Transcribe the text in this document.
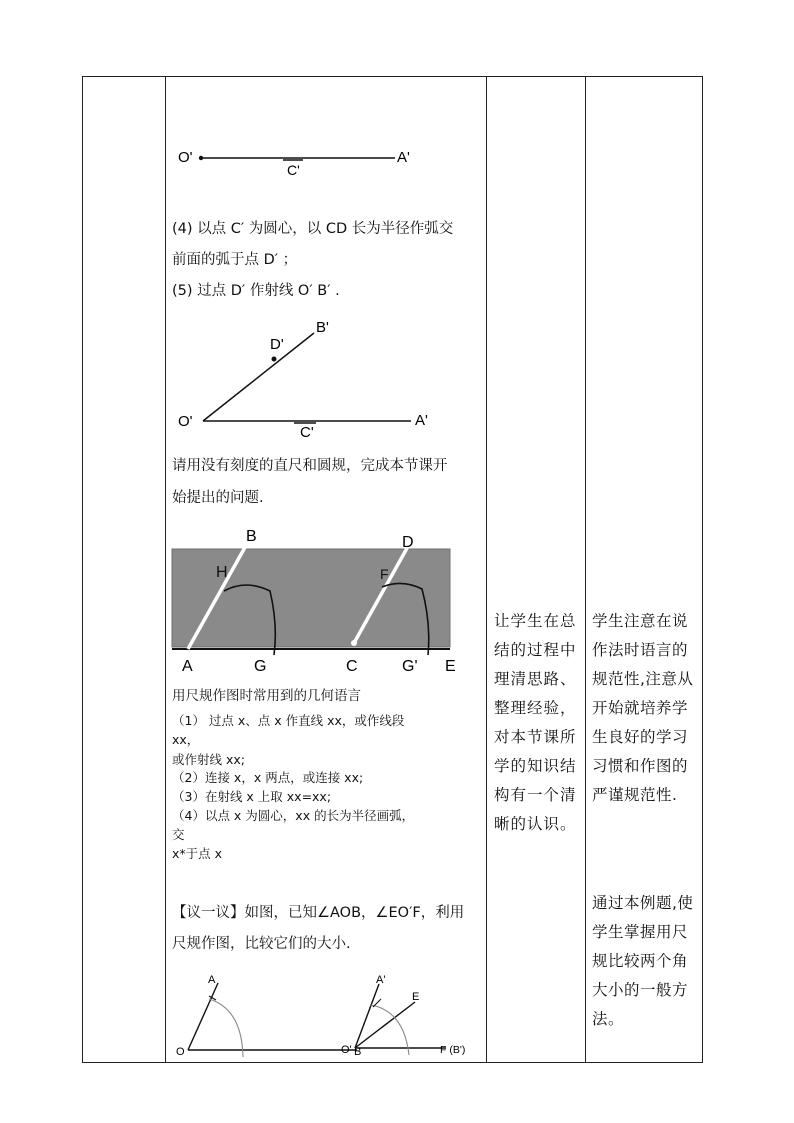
O'
C'
A'
(4) 以点 C′ 为圆心，以 CD 长为半径作弧交
前面的弧于点 D′ ；
(5) 过点 D′ 作射线 O′ B′ .
B'
D'
O'
C'
A'
请用没有刻度的直尺和圆规，完成本节课开
始提出的问题.
B	D
H	F
A	G	C	G' E
用尺规作图时常用到的几何语言
（1） 过点 x、点 x 作直线 xx，或作线段
xx，
或作射线 xx;
（2）连接 x，x 两点，或连接 xx;
（3）在射线 x 上取 xx=xx;
（4）以点 x 为圆心，xx 的长为半径画弧，
交
x*于点 x
【议一议】如图，已知∠AOB，∠EO′F，利用
尺规作图，比较它们的大小.
A
O	B
A'
E
O'	F (B')
让学生在总
结的过程中
理清思路、
整理经验，
对本节课所
学的知识结
构有一个清
晰的认识。
学生注意在说
作法时语言的
规范性,注意从
开始就培养学
生良好的学习
习惯和作图的
严谨规范性.
通过本例题,使
学生掌握用尺
规比较两个角
大小的一般方
法。
